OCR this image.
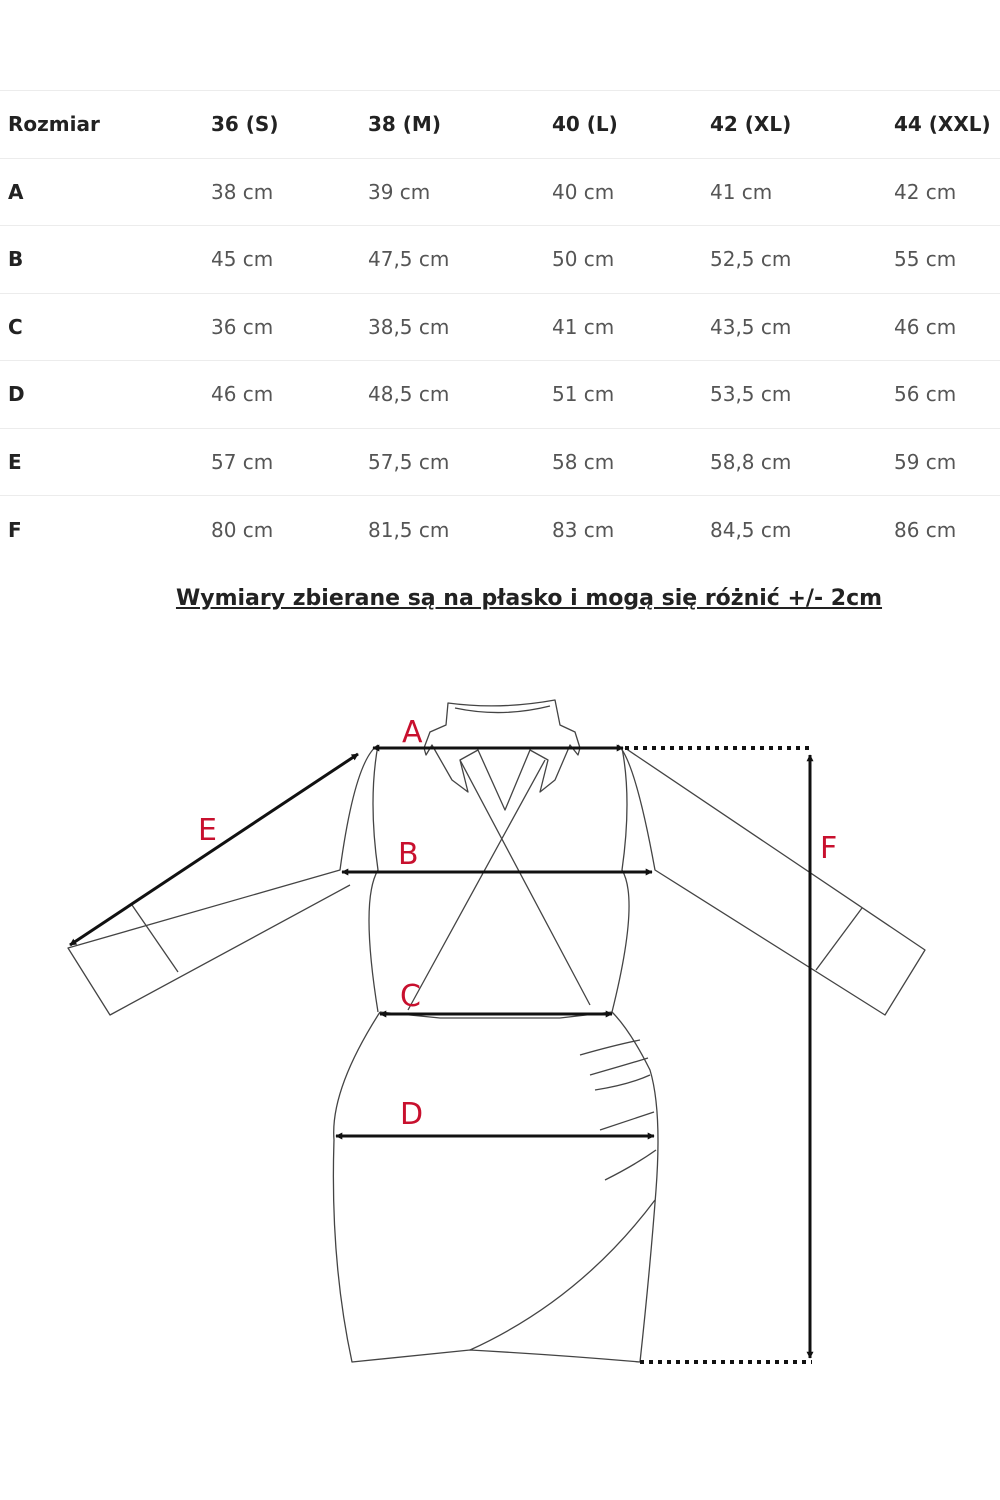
Rozmiar	36 (S)	38 (M)	40 (L)	42 (XL)	44 (XXL)
A	38 cm	39 cm	40 cm	41 cm	42 cm
B	45 cm	47,5 cm	50 cm	52,5 cm	55 cm
C	36 cm	38,5 cm	41 cm	43,5 cm	46 cm
D	46 cm	48,5 cm	51 cm	53,5 cm	56 cm
E	57 cm	57,5 cm	58 cm	58,8 cm	59 cm
F	80 cm	81,5 cm	83 cm	84,5 cm	86 cm
Wymiary zbierane są na płasko i mogą się różnić +/- 2cm
A
B
C
D
E
F
